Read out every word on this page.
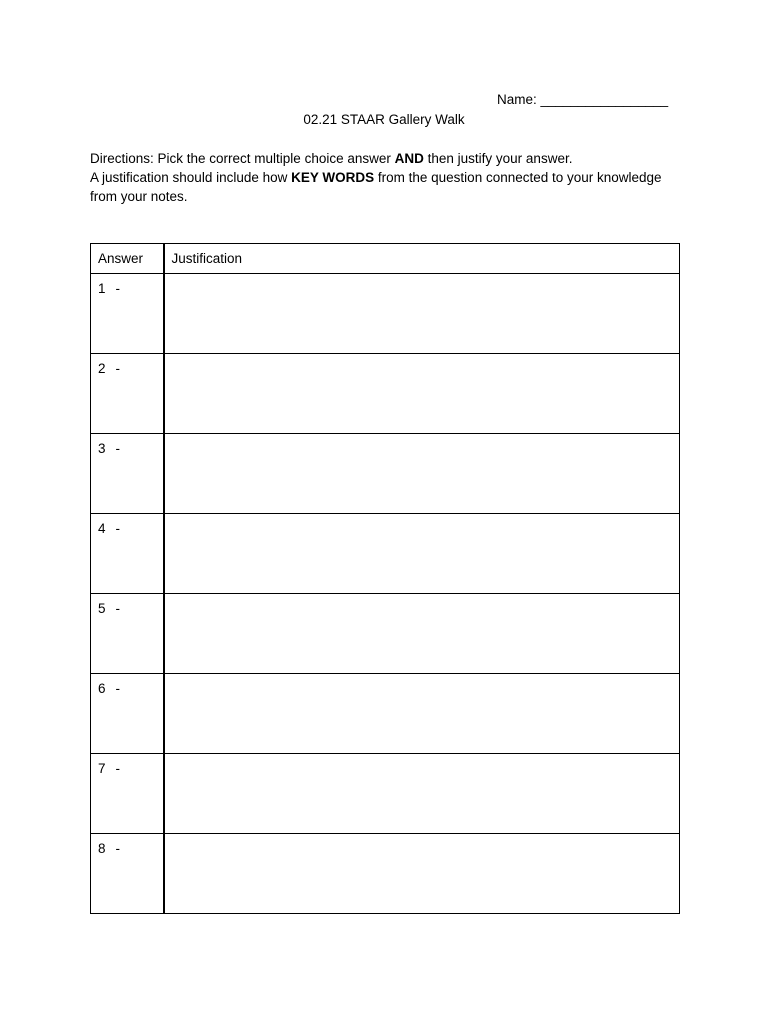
Name: _________________
02.21 STAAR Gallery Walk

Directions: Pick the correct multiple choice answer AND then justify your answer.

A justification should include how KEY WORDS from the question connected to your knowledge from your notes.

Answer	Justification
1 -	
2 -	
3 -	
4 -	
5 -	
6 -	
7 -	
8 -	
